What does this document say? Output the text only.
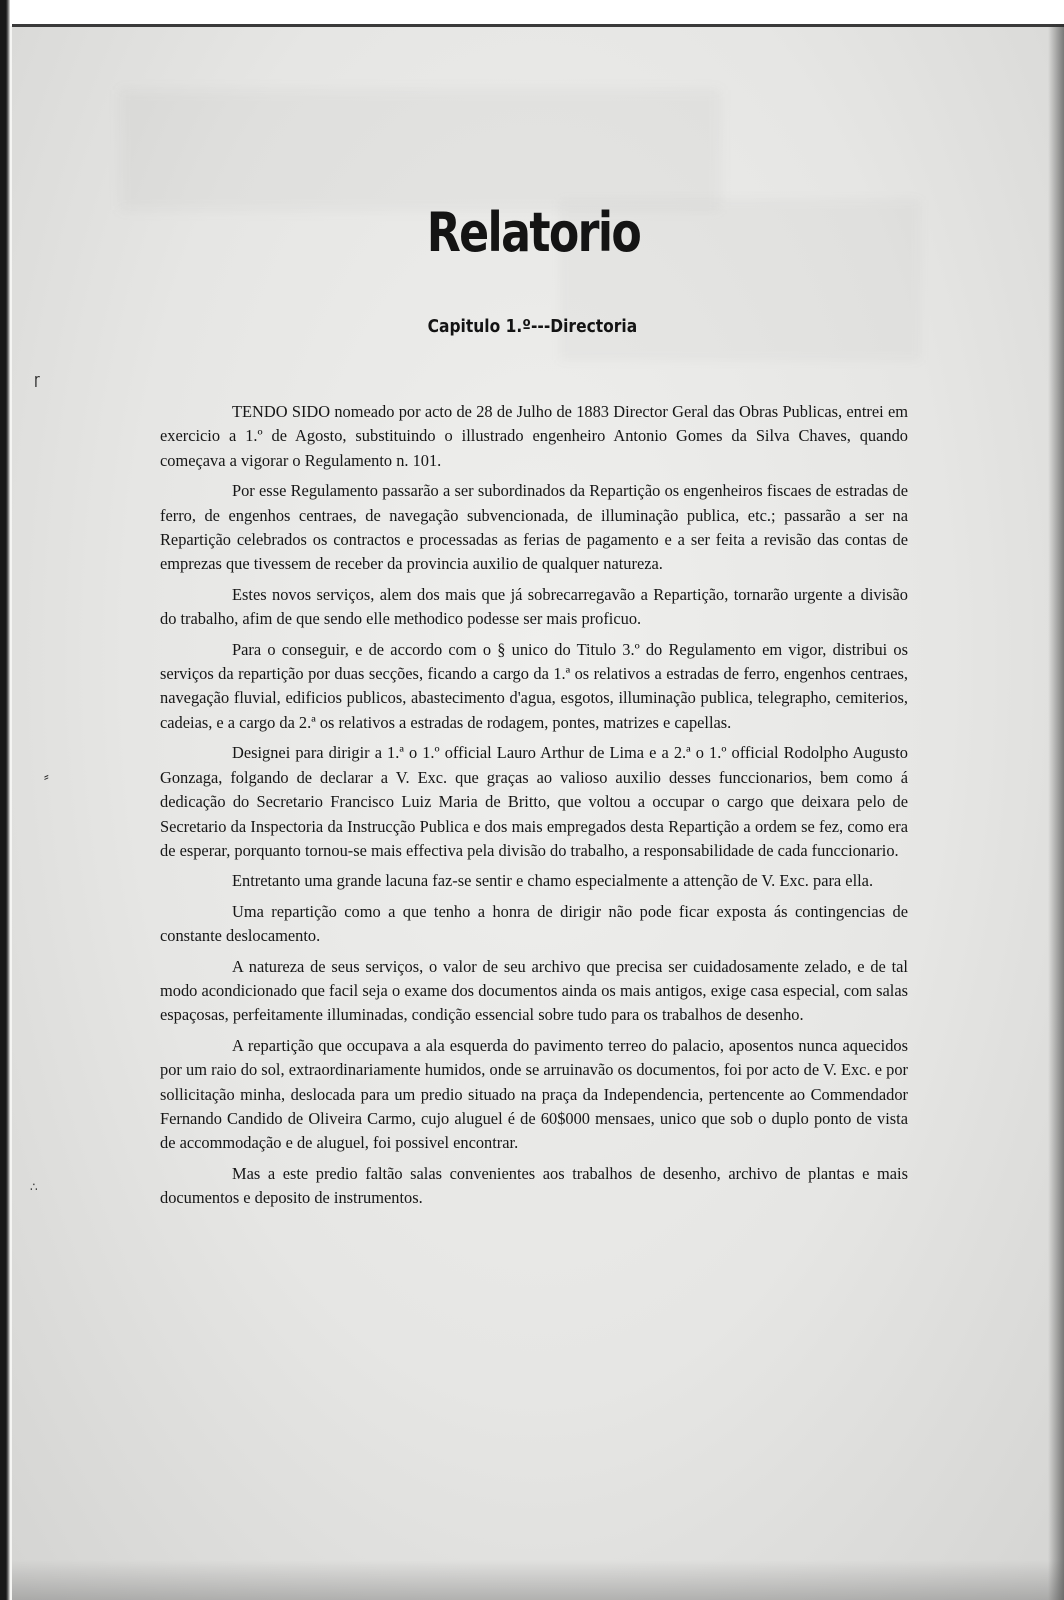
ɼ
⸗
∴
Relatorio
Capitulo 1.º---Directoria

TENDO SIDO nomeado por acto de 28 de Julho de 1883 Director Geral das Obras Publicas, entrei em exercicio a 1.º de Agosto, substituindo o illustrado engenheiro Antonio Gomes da Silva Chaves, quando começava a vigorar o Regulamento n. 101.

Por esse Regulamento passarão a ser subordinados da Repartição os engenheiros fiscaes de estradas de ferro, de engenhos centraes, de navegação subvencionada, de illuminação publica, etc.; passarão a ser na Repartição celebrados os contractos e processadas as ferias de pagamento e a ser feita a revisão das contas de emprezas que tivessem de receber da provincia auxilio de qualquer natureza.

Estes novos serviços, alem dos mais que já sobrecarregavão a Repartição, tornarão urgente a divisão do trabalho, afim de que sendo elle methodico podesse ser mais proficuo.

Para o conseguir, e de accordo com o § unico do Titulo 3.º do Regulamento em vigor, distribui os serviços da repartição por duas secções, ficando a cargo da 1.ª os relativos a estradas de ferro, engenhos centraes, navegação fluvial, edificios publicos, abastecimento d'agua, esgotos, illuminação publica, telegrapho, cemiterios, cadeias, e a cargo da 2.ª os relativos a estradas de rodagem, pontes, matrizes e capellas.

Designei para dirigir a 1.ª o 1.º official Lauro Arthur de Lima e a 2.ª o 1.º official Rodolpho Augusto Gonzaga, folgando de declarar a V. Exc. que graças ao valioso auxilio desses funccionarios, bem como á dedicação do Secretario Francisco Luiz Maria de Britto, que voltou a occupar o cargo que deixara pelo de Secretario da Inspectoria da Instrucção Publica e dos mais empregados desta Repartição a ordem se fez, como era de esperar, porquanto tornou-se mais effectiva pela divisão do trabalho, a responsabilidade de cada funccionario.

Entretanto uma grande lacuna faz-se sentir e chamo especialmente a attenção de V. Exc. para ella.

Uma repartição como a que tenho a honra de dirigir não pode ficar exposta ás contingencias de constante deslocamento.

A natureza de seus serviços, o valor de seu archivo que precisa ser cuidadosamente zelado, e de tal modo acondicionado que facil seja o exame dos documentos ainda os mais antigos, exige casa especial, com salas espaçosas, perfeitamente illuminadas, condição essencial sobre tudo para os trabalhos de desenho.

A repartição que occupava a ala esquerda do pavimento terreo do palacio, aposentos nunca aquecidos por um raio do sol, extraordinariamente humidos, onde se arruinavão os documentos, foi por acto de V. Exc. e por sollicitação minha, deslocada para um predio situado na praça da Independencia, pertencente ao Commendador Fernando Candido de Oliveira Carmo, cujo aluguel é de 60$000 mensaes, unico que sob o duplo ponto de vista de accommodação e de aluguel, foi possivel encontrar.

Mas a este predio faltão salas convenientes aos trabalhos de desenho, archivo de plantas e mais documentos e deposito de instrumentos.
